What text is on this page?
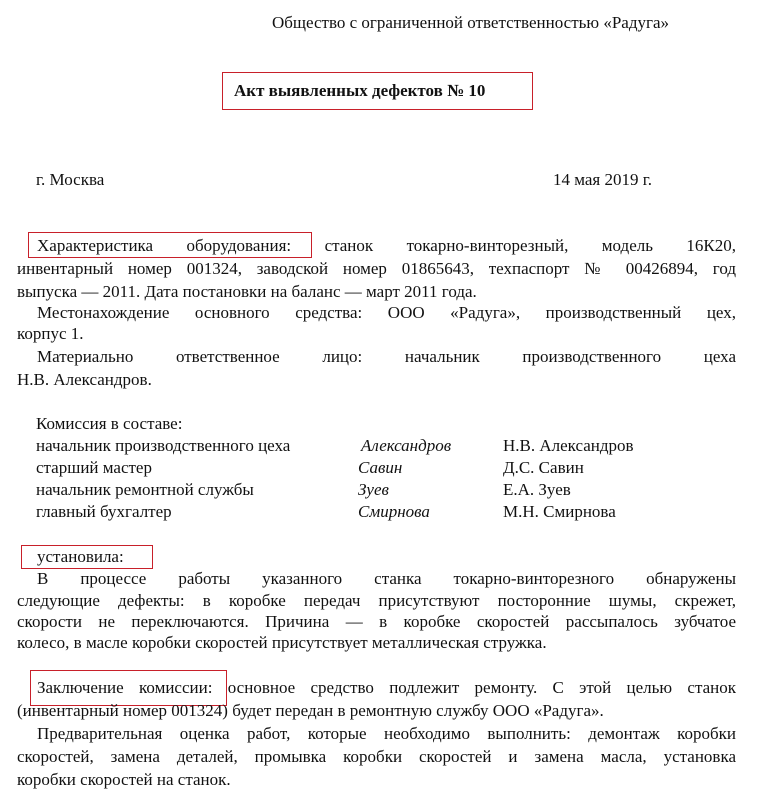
Общество с ограниченной ответственностью «Радуга»
Акт выявленных дефектов № 10
г. Москва	14 мая 2019 г.
Характеристика оборудования: станок токарно-винторезный, модель 16К20,
инвентарный номер 001324, заводской номер 01865643, техпаспорт № 00426894, год
выпуска — 2011. Дата постановки на баланс — март 2011 года.
Местонахождение основного средства: ООО «Радуга», производственный цех,
корпус 1.
Материально ответственное лицо: начальник производственного цеха
Н.В. Александров.
Комиссия в составе:
начальник производственного цеха	Александров	Н.В. Александров
старший мастер	Савин	Д.С. Савин
начальник ремонтной службы	Зуев	Е.А. Зуев
главный бухгалтер	Смирнова	М.Н. Смирнова
установила:
В процессе работы указанного станка токарно-винторезного обнаружены
следующие дефекты: в коробке передач присутствуют посторонние шумы, скрежет,
скорости не переключаются. Причина — в коробке скоростей рассыпалось зубчатое
колесо, в масле коробки скоростей присутствует металлическая стружка.
Заключение комиссии: основное средство подлежит ремонту. С этой целью станок
(инвентарный номер 001324) будет передан в ремонтную службу ООО «Радуга».
Предварительная оценка работ, которые необходимо выполнить: демонтаж коробки
скоростей, замена деталей, промывка коробки скоростей и замена масла, установка
коробки скоростей на станок.
